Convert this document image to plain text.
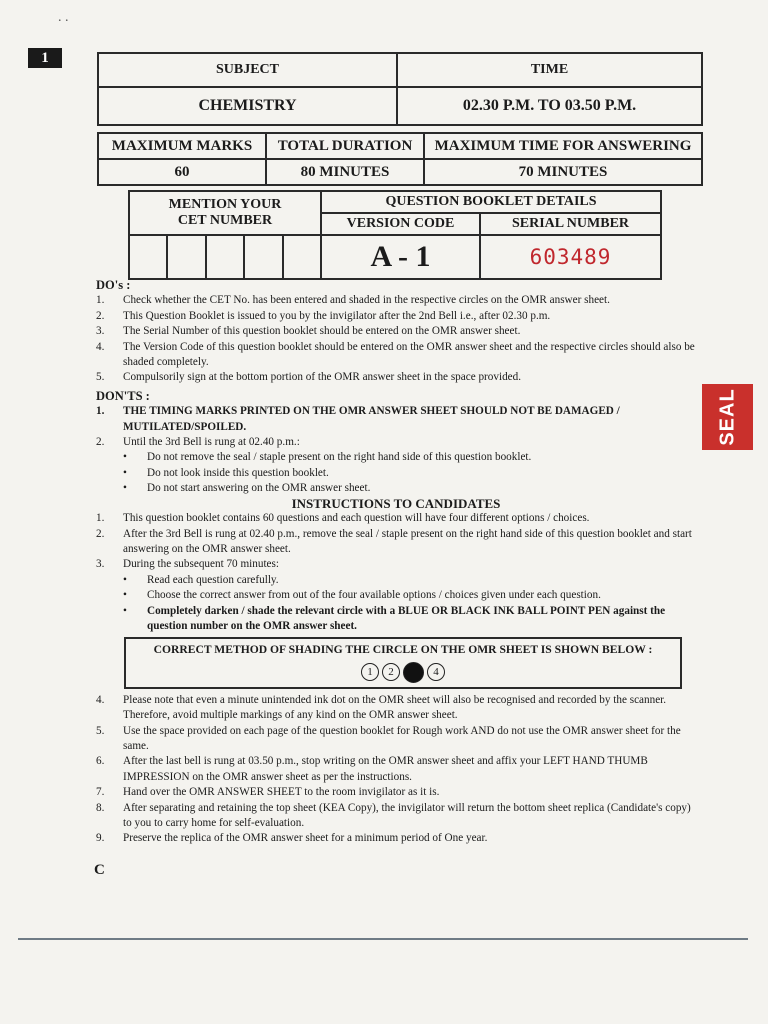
. .
1
SUBJECT	TIME
CHEMISTRY	02.30 P.M. TO 03.50 P.M.
MAXIMUM MARKS	TOTAL DURATION	MAXIMUM TIME FOR ANSWERING
60	80 MINUTES	70 MINUTES
MENTION YOUR
CET NUMBER	QUESTION BOOKLET DETAILS	
	VERSION CODE	SERIAL NUMBER

	A - 1	603489
DO's :
1.	Check whether the CET No. has been entered and shaded in the respective circles on the OMR answer sheet.
2.	This Question Booklet is issued to you by the invigilator after the 2nd Bell i.e., after 02.30 p.m.
3.	The Serial Number of this question booklet should be entered on the OMR answer sheet.
4.	The Version Code of this question booklet should be entered on the OMR answer sheet and the respective circles should also be shaded completely.
5.	Compulsorily sign at the bottom portion of the OMR answer sheet in the space provided.
DON'TS :
1.	THE TIMING MARKS PRINTED ON THE OMR ANSWER SHEET SHOULD NOT BE DAMAGED / MUTILATED/SPOILED.
2.	Until the 3rd Bell is rung at 02.40 p.m.:
•	Do not remove the seal / staple present on the right hand side of this question booklet.
•	Do not look inside this question booklet.
•	Do not start answering on the OMR answer sheet.
INSTRUCTIONS TO CANDIDATES
1.	This question booklet contains 60 questions and each question will have four different options / choices.
2.	After the 3rd Bell is rung at 02.40 p.m., remove the seal / staple present on the right hand side of this question booklet and start answering on the OMR answer sheet.
3.	During the subsequent 70 minutes:
•	Read each question carefully.
•	Choose the correct answer from out of the four available options / choices given under each question.
•	Completely darken / shade the relevant circle with a BLUE OR BLACK INK BALL POINT PEN against the question number on the OMR answer sheet.
CORRECT METHOD OF SHADING THE CIRCLE ON THE OMR SHEET IS SHOWN BELOW :
1	2	4
4.	Please note that even a minute unintended ink dot on the OMR sheet will also be recognised and recorded by the scanner. Therefore, avoid multiple markings of any kind on the OMR answer sheet.
5.	Use the space provided on each page of the question booklet for Rough work AND do not use the OMR answer sheet for the same.
6.	After the last bell is rung at 03.50 p.m., stop writing on the OMR answer sheet and affix your LEFT HAND THUMB IMPRESSION on the OMR answer sheet as per the instructions.
7.	Hand over the OMR ANSWER SHEET to the room invigilator as it is.
8.	After separating and retaining the top sheet (KEA Copy), the invigilator will return the bottom sheet replica (Candidate's copy) to you to carry home for self-evaluation.
9.	Preserve the replica of the OMR answer sheet for a minimum period of One year.
SEAL
C
